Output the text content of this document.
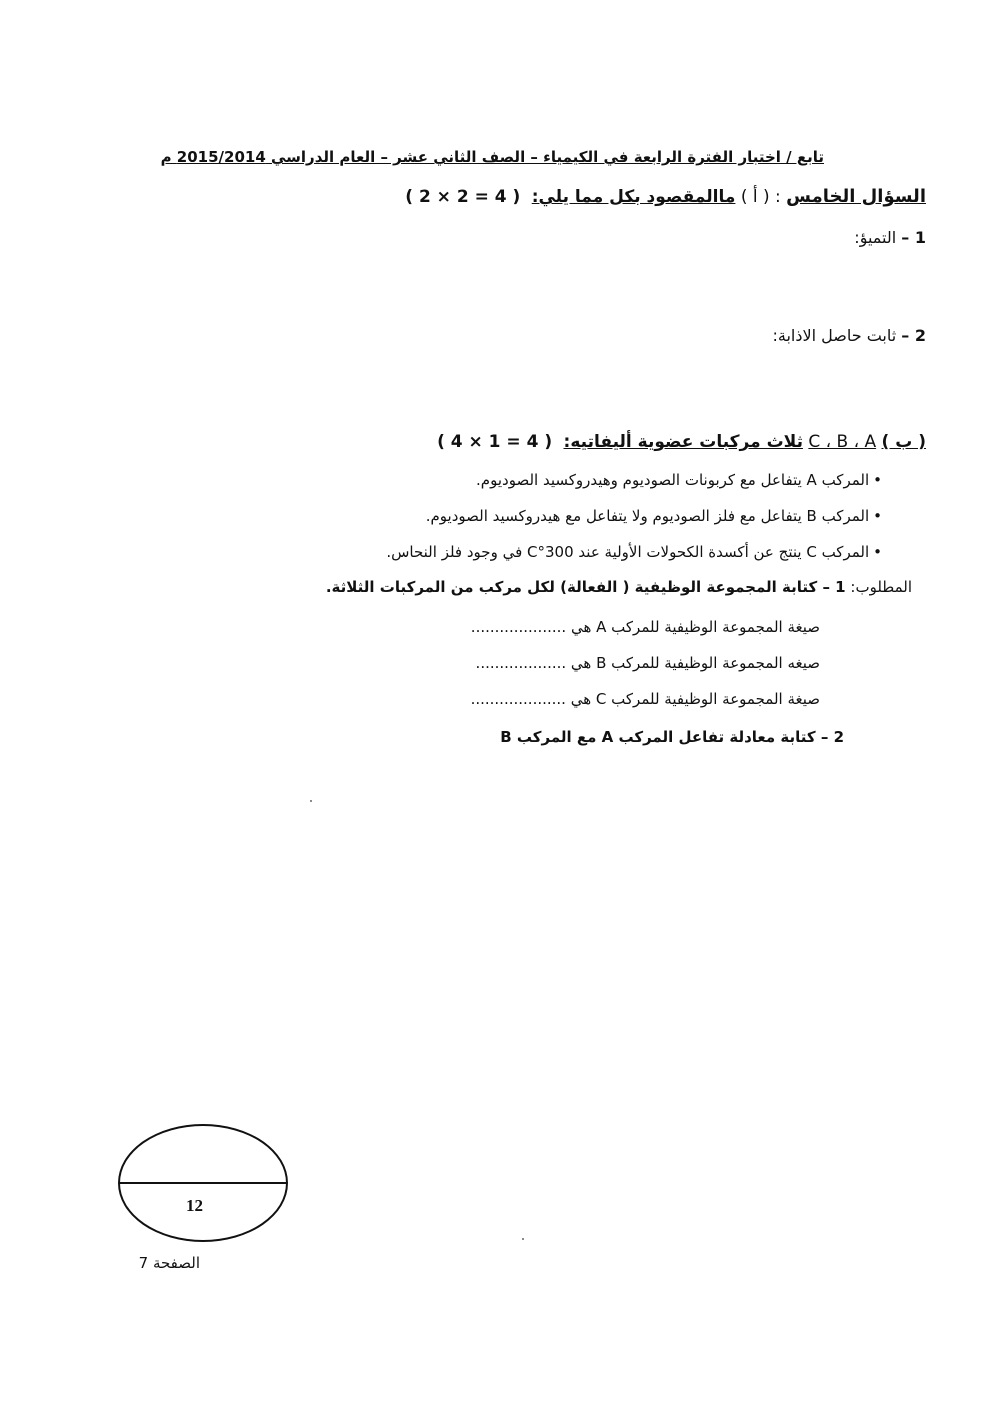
تابع / اختبار الفترة الرابعة في الكيمياء – الصف الثاني عشر – العام الدراسي 2015/2014 م
السؤال الخامس : ( أ ) ماالمقصود بكل مما يلي: ( 2 × 2 = 4 )
1 – التميؤ:
2 – ثابت حاصل الاذابة:
( ب ) C ، B ، A ثلاث مركبات عضوية أليفاتيه: ( 4 × 1 = 4 )
• المركب A يتفاعل مع كربونات الصوديوم وهيدروكسيد الصوديوم.
• المركب B يتفاعل مع فلز الصوديوم ولا يتفاعل مع هيدروكسيد الصوديوم.
• المركب C ينتج عن أكسدة الكحولات الأولية عند 300°C في وجود فلز النحاس.
المطلوب: 1 – كتابة المجموعة الوظيفية ( الفعالة) لكل مركب من المركبات الثلاثة.
صيغة المجموعة الوظيفية للمركب A هي ....................
صيغه المجموعة الوظيفية للمركب B هي ...................
صيغة المجموعة الوظيفية للمركب C هي ....................
2 – كتابة معادلة تفاعل المركب A مع المركب B
12
الصفحة 7
